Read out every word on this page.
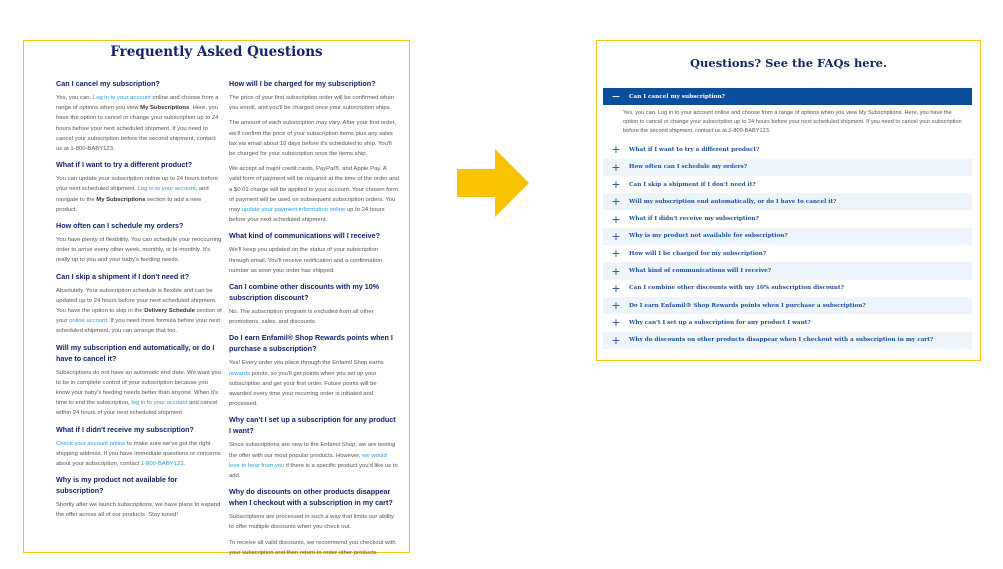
Frequently Asked Questions
Can I cancel my subscription?
Yes, you can. Log in to your account online and choose from a range of options when you view My Subscriptions. Here, you have the option to cancel or change your subscription up to 24 hours before your next scheduled shipment. If you need to cancel your subscription before the second shipment, contact us at 1-800-BABY123.
What if I want to try a different product?
You can update your subscription online up to 24 hours before your next scheduled shipment. Log in to your account, and navigate to the My Subscriptions section to add a new product.
How often can I schedule my orders?
You have plenty of flexibility. You can schedule your reoccurring order to arrive every other week, monthly, or bi-monthly. It's really up to you and your baby's feeding needs.
Can I skip a shipment if I don't need it?
Absolutely. Your subscription schedule is flexible and can be updated up to 24 hours before your next scheduled shipment. You have the option to skip in the Delivery Schedule section of your online account. If you need more formula before your next scheduled shipment, you can arrange that too.
Will my subscription end automatically, or do I have to cancel it?
Subscriptions do not have an automatic end date. We want you to be in complete control of your subscription because you know your baby's feeding needs better than anyone. When it's time to end the subscription, log in to your account and cancel within 24 hours of your next scheduled shipment.
What if I didn't receive my subscription?
Check your account online to make sure we've got the right shipping address. If you have immediate questions or concerns about your subscription, contact 1-800-BABY123.
Why is my product not available for subscription?
Shortly after we launch subscriptions, we have plans to expand the offer across all of our products. Stay tuned!
How will I be charged for my subscription?
The price of your first subscription order will be confirmed when you enroll, and you'll be charged once your subscription ships.
The amount of each subscription may vary. After your first order, we'll confirm the price of your subscription items plus any sales tax via email about 10 days before it's scheduled to ship. You'll be charged for your subscription once the items ship.
We accept all major credit cards, PayPal®, and Apple Pay. A valid form of payment will be required at the time of the order and a $0.01 charge will be applied to your account. Your chosen form of payment will be used on subsequent subscription orders. You may update your payment information online up to 24 hours before your next scheduled shipment.
What kind of communications will I receive?
We'll keep you updated on the status of your subscription through email. You'll receive notification and a confirmation number as soon your order has shipped.
Can I combine other discounts with my 10% subscription discount?
No. The subscription program is excluded from all other promotions, sales, and discounts.
Do I earn Enfamil® Shop Rewards points when I purchase a subscription?
Yes! Every order you place through the Enfamil Shop earns rewards points, so you'll get points when you set up your subscription and get your first order. Future points will be awarded every time your recurring order is initiated and processed.
Why can't I set up a subscription for any product I want?
Since subscriptions are new to the Enfamil Shop, we are testing the offer with our most popular products. However, we would love to hear from you if there is a specific product you'd like us to add.
Why do discounts on other products disappear when I checkout with a subscription in my cart?
Subscriptions are processed in such a way that limits our ability to offer multiple discounts when you check out.
To receive all valid discounts, we recommend you checkout with your subscription and then return to order other products.
Questions? See the FAQs here.
−	Can I cancel my subscription?
Yes, you can. Log in to your account online and choose from a range of options when you view My Subscriptions. Here, you have the option to cancel or change your subscription up to 24 hours before your next scheduled shipment. If you need to cancel your subscription before the second shipment, contact us at 1-800-BABY123.
+	What if I want to try a different product?
+	How often can I schedule my orders?
+	Can I skip a shipment if I don't need it?
+	Will my subscription end automatically, or do I have to cancel it?
+	What if I didn't receive my subscription?
+	Why is my product not available for subscription?
+	How will I be charged for my subscription?
+	What kind of communications will I receive?
+	Can I combine other discounts with my 10% subscription discount?
+	Do I earn Enfamil® Shop Rewards points when I purchase a subscription?
+	Why can't I set up a subscription for any product I want?
+	Why do discounts on other products disappear when I checkout with a subscription in my cart?
